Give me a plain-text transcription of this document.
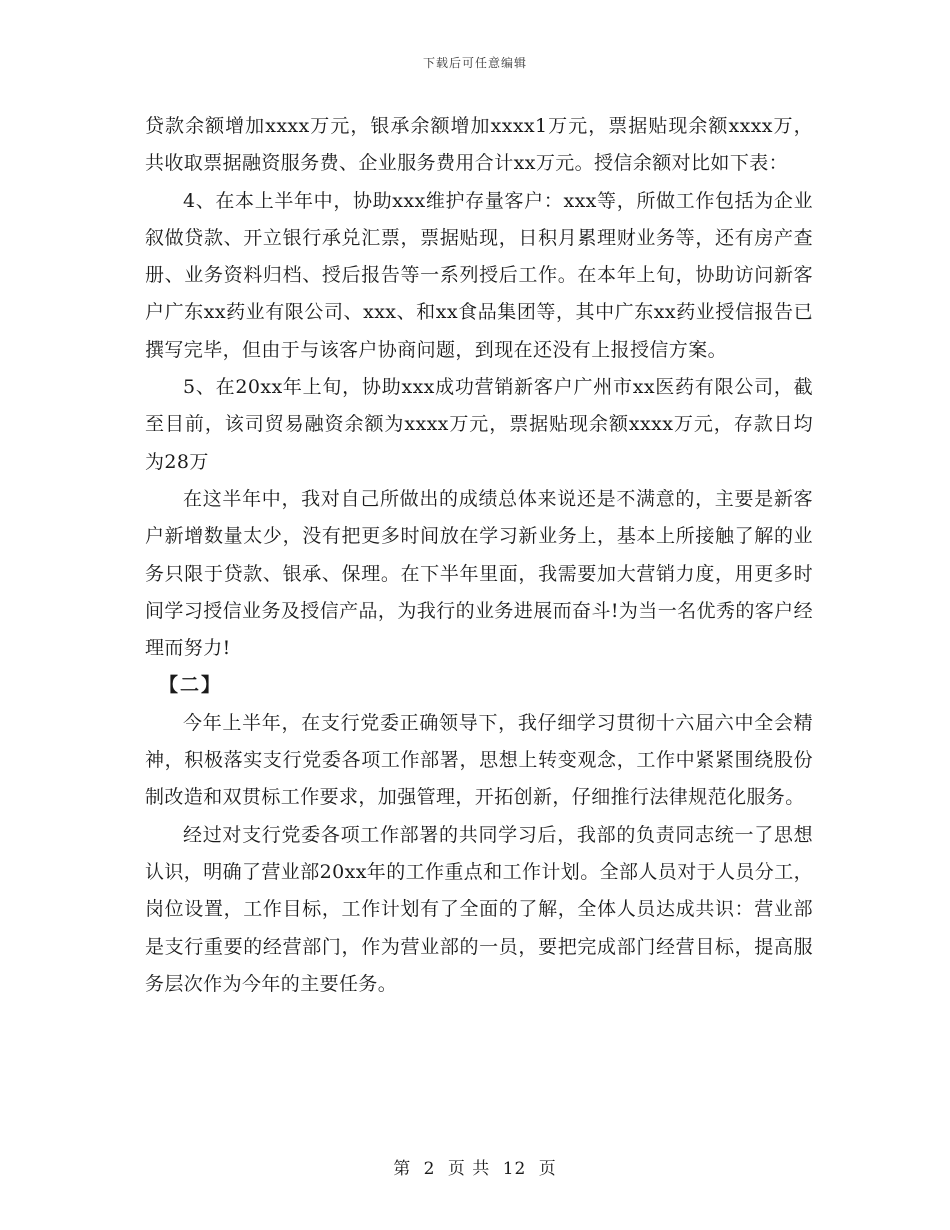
下载后可任意编辑

贷款余额增加xxxx万元，银承余额增加xxxx1万元，票据贴现余额xxxx万，共收取票据融资服务费、企业服务费用合计xx万元。授信余额对比如下表：

4、在本上半年中，协助xxx维护存量客户：xxx等，所做工作包括为企业叙做贷款、开立银行承兑汇票，票据贴现，日积月累理财业务等，还有房产查册、业务资料归档、授后报告等一系列授后工作。在本年上旬，协助访问新客户广东xx药业有限公司、xxx、和xx食品集团等，其中广东xx药业授信报告已撰写完毕，但由于与该客户协商问题，到现在还没有上报授信方案。

5、在20xx年上旬，协助xxx成功营销新客户广州市xx医药有限公司，截至目前，该司贸易融资余额为xxxx万元，票据贴现余额xxxx万元，存款日均为28万

在这半年中，我对自己所做出的成绩总体来说还是不满意的，主要是新客户新增数量太少，没有把更多时间放在学习新业务上，基本上所接触了解的业务只限于贷款、银承、保理。在下半年里面，我需要加大营销力度，用更多时间学习授信业务及授信产品，为我行的业务进展而奋斗!为当一名优秀的客户经理而努力!

【二】

今年上半年，在支行党委正确领导下，我仔细学习贯彻十六届六中全会精神，积极落实支行党委各项工作部署，思想上转变观念，工作中紧紧围绕股份制改造和双贯标工作要求，加强管理，开拓创新，仔细推行法律规范化服务。

经过对支行党委各项工作部署的共同学习后，我部的负责同志统一了思想认识，明确了营业部20xx年的工作重点和工作计划。全部人员对于人员分工，岗位设置，工作目标，工作计划有了全面的了解，全体人员达成共识：营业部是支行重要的经营部门，作为营业部的一员，要把完成部门经营目标，提高服务层次作为今年的主要任务。

第 2 页 共 12 页
